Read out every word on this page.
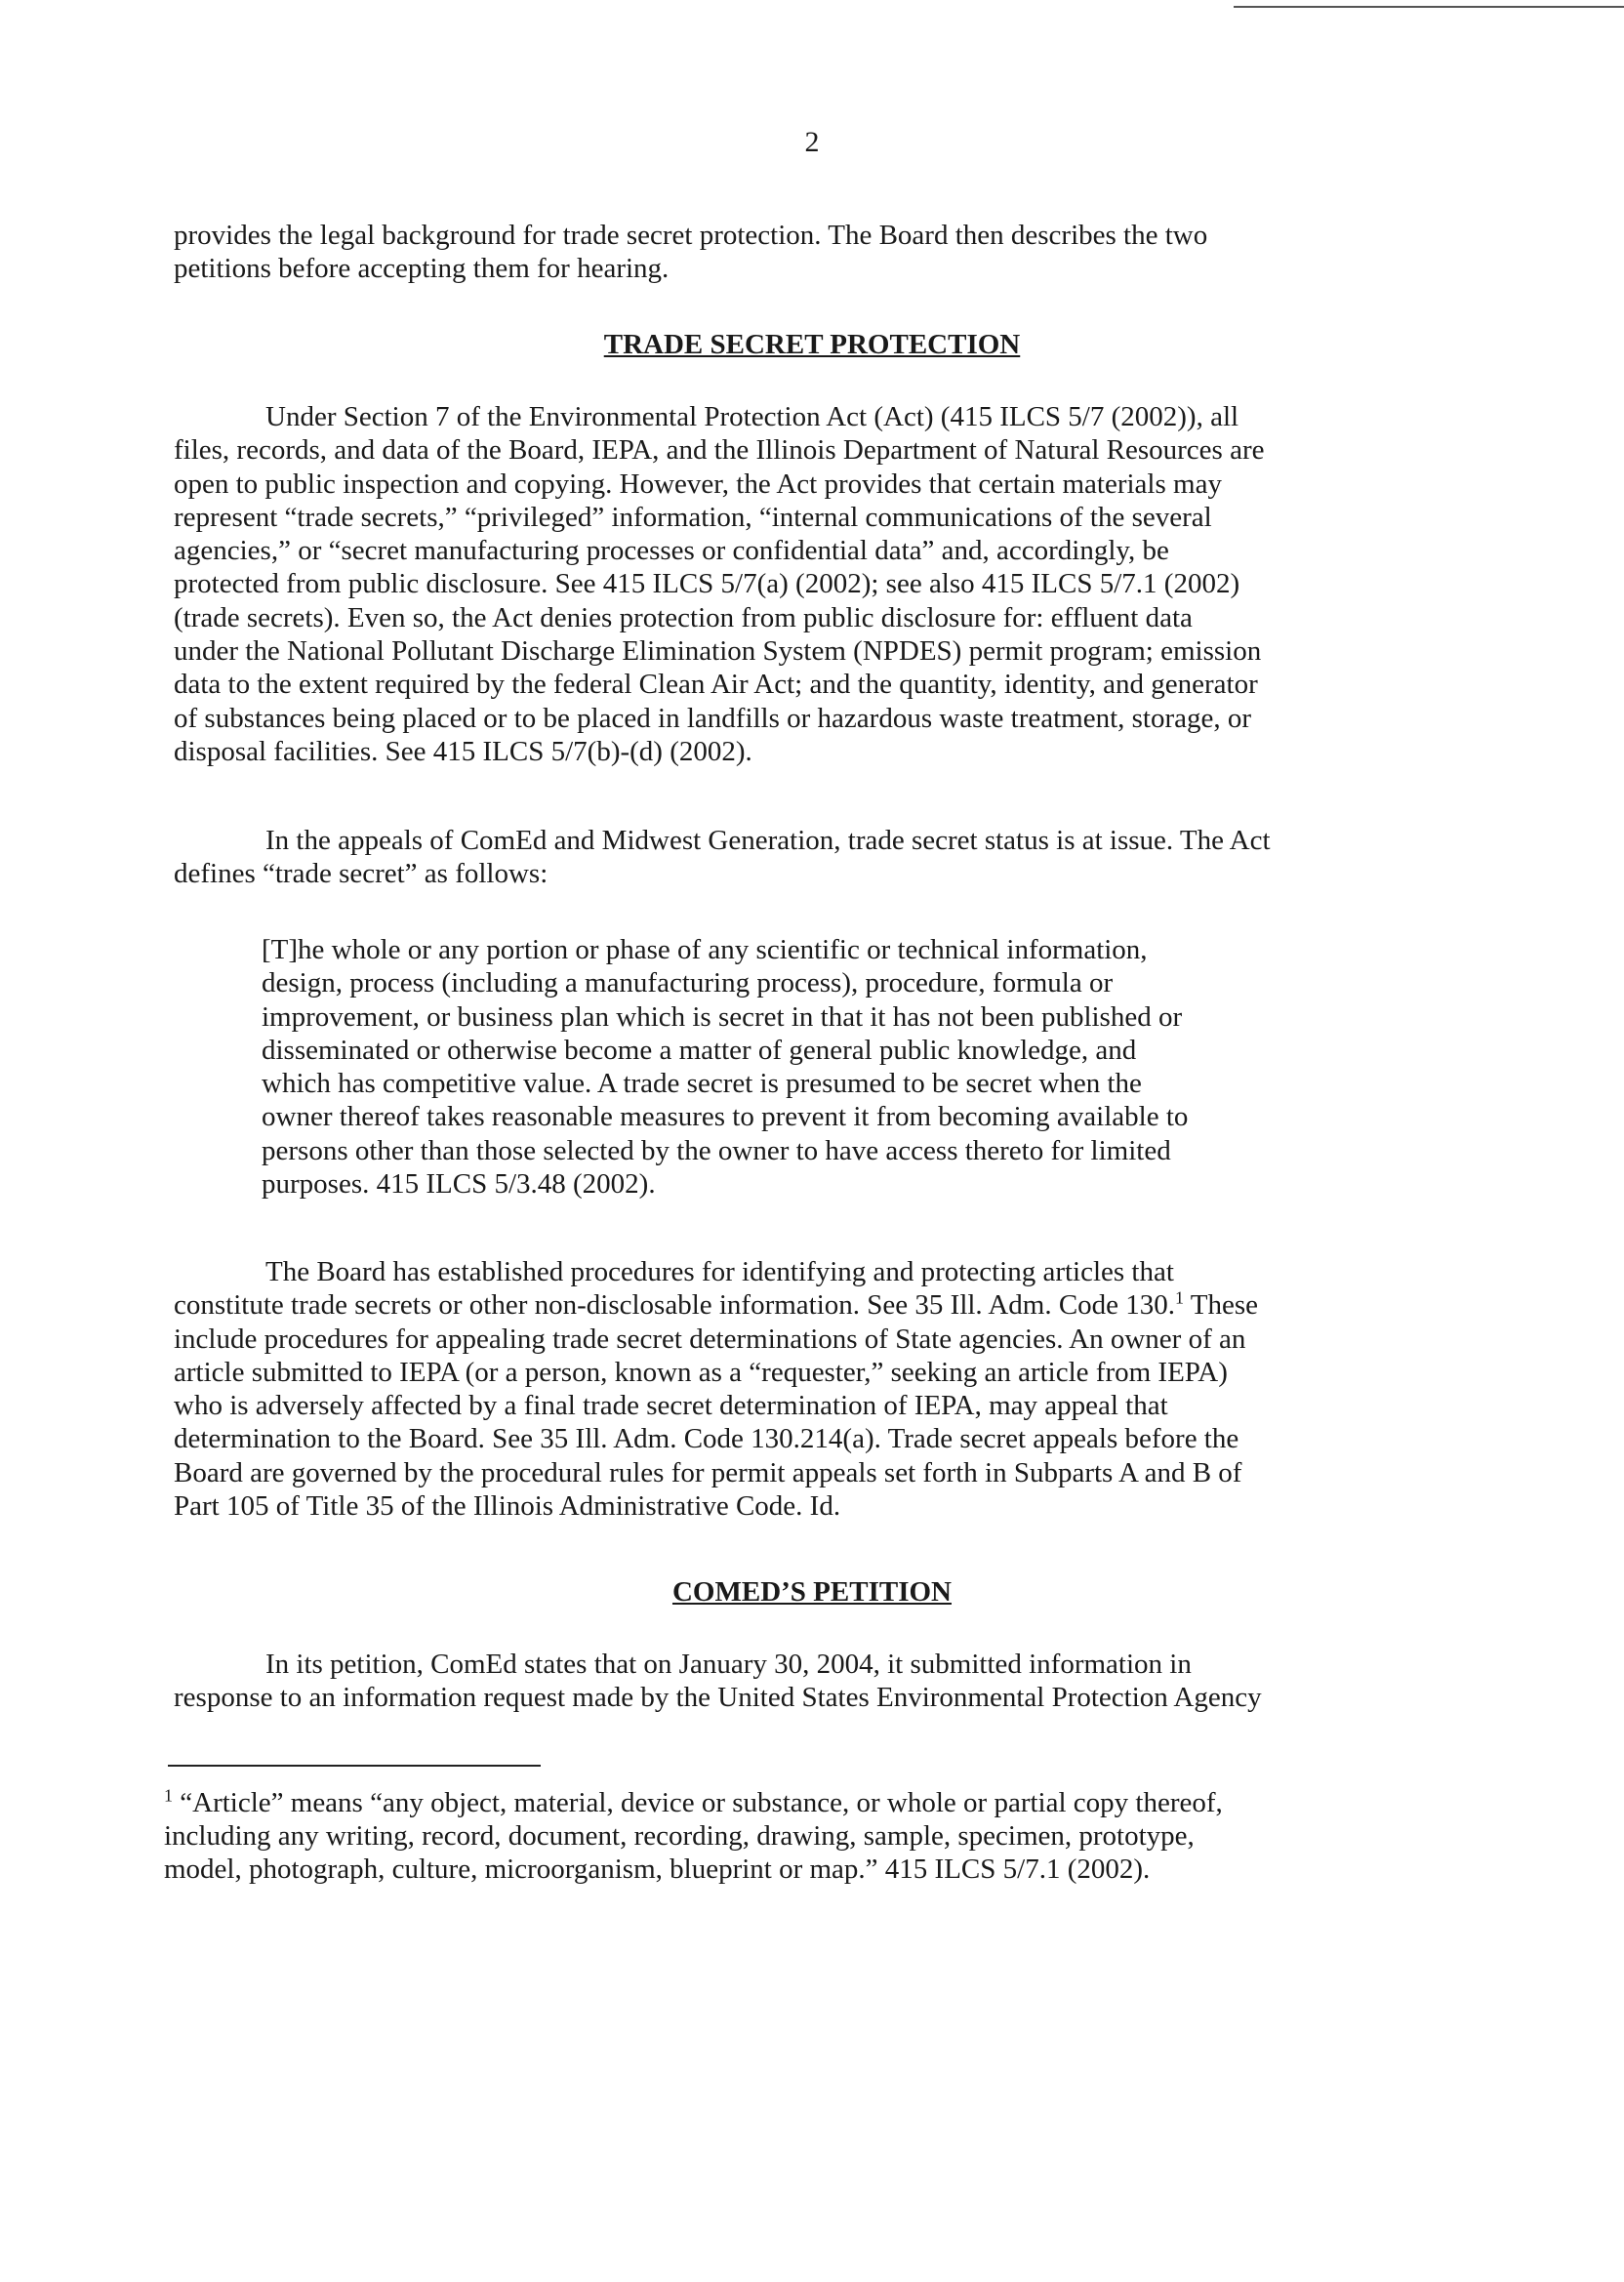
2

provides the legal background for trade secret protection. The Board then describes the two
petitions before accepting them for hearing.

TRADE SECRET PROTECTION

Under Section 7 of the Environmental Protection Act (Act) (415 ILCS 5/7 (2002)), all
files, records, and data of the Board, IEPA, and the Illinois Department of Natural Resources are
open to public inspection and copying. However, the Act provides that certain materials may
represent “trade secrets,” “privileged” information, “internal communications of the several
agencies,” or “secret manufacturing processes or confidential data” and, accordingly, be
protected from public disclosure. See 415 ILCS 5/7(a) (2002); see also 415 ILCS 5/7.1 (2002)
(trade secrets). Even so, the Act denies protection from public disclosure for: effluent data
under the National Pollutant Discharge Elimination System (NPDES) permit program; emission
data to the extent required by the federal Clean Air Act; and the quantity, identity, and generator
of substances being placed or to be placed in landfills or hazardous waste treatment, storage, or
disposal facilities. See 415 ILCS 5/7(b)-(d) (2002).

In the appeals of ComEd and Midwest Generation, trade secret status is at issue. The Act
defines “trade secret” as follows:

[T]he whole or any portion or phase of any scientific or technical information,
design, process (including a manufacturing process), procedure, formula or
improvement, or business plan which is secret in that it has not been published or
disseminated or otherwise become a matter of general public knowledge, and
which has competitive value. A trade secret is presumed to be secret when the
owner thereof takes reasonable measures to prevent it from becoming available to
persons other than those selected by the owner to have access thereto for limited
purposes. 415 ILCS 5/3.48 (2002).

The Board has established procedures for identifying and protecting articles that
constitute trade secrets or other non-disclosable information. See 35 Ill. Adm. Code 130.$^1$ These
include procedures for appealing trade secret determinations of State agencies. An owner of an
article submitted to IEPA (or a person, known as a “requester,” seeking an article from IEPA)
who is adversely affected by a final trade secret determination of IEPA, may appeal that
determination to the Board. See 35 Ill. Adm. Code 130.214(a). Trade secret appeals before the
Board are governed by the procedural rules for permit appeals set forth in Subparts A and B of
Part 105 of Title 35 of the Illinois Administrative Code. Id.

COMED’S PETITION

In its petition, ComEd states that on January 30, 2004, it submitted information in
response to an information request made by the United States Environmental Protection Agency

$^1$ “Article” means “any object, material, device or substance, or whole or partial copy thereof,
including any writing, record, document, recording, drawing, sample, specimen, prototype,
model, photograph, culture, microorganism, blueprint or map.” 415 ILCS 5/7.1 (2002).
